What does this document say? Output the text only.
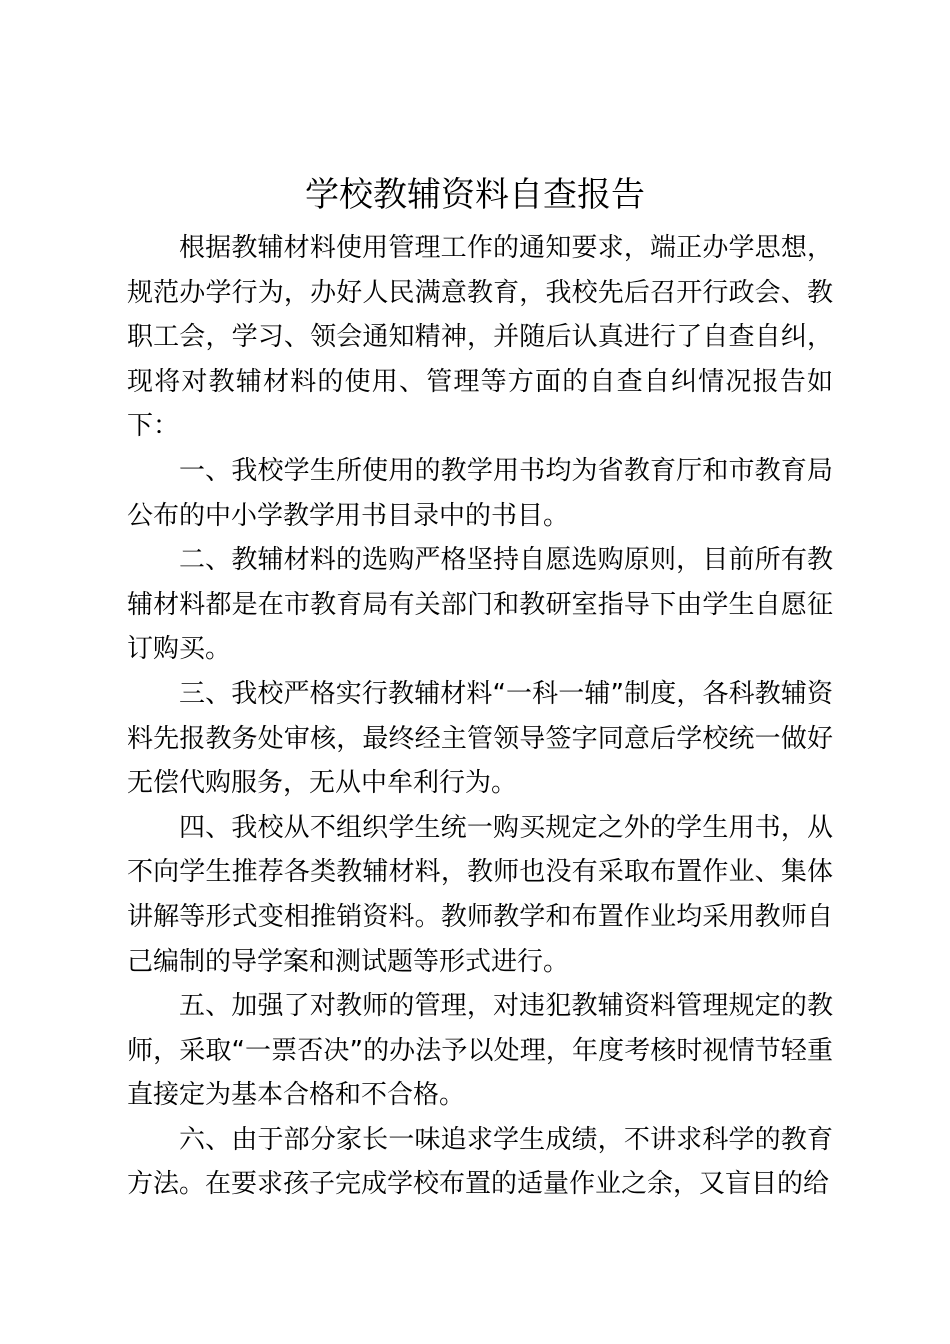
学校教辅资料自查报告

根据教辅材料使用管理工作的通知要求，端正办学思想，规范办学行为，办好人民满意教育，我校先后召开行政会、教职工会，学习、领会通知精神，并随后认真进行了自查自纠，现将对教辅材料的使用、管理等方面的自查自纠情况报告如下：

一、我校学生所使用的教学用书均为省教育厅和市教育局公布的中小学教学用书目录中的书目。

二、教辅材料的选购严格坚持自愿选购原则，目前所有教辅材料都是在市教育局有关部门和教研室指导下由学生自愿征订购买。

三、我校严格实行教辅材料“一科一辅”制度，各科教辅资料先报教务处审核，最终经主管领导签字同意后学校统一做好无偿代购服务，无从中牟利行为。

四、我校从不组织学生统一购买规定之外的学生用书，从不向学生推荐各类教辅材料，教师也没有采取布置作业、集体讲解等形式变相推销资料。教师教学和布置作业均采用教师自己编制的导学案和测试题等形式进行。

五、加强了对教师的管理，对违犯教辅资料管理规定的教师，采取“一票否决”的办法予以处理，年度考核时视情节轻重直接定为基本合格和不合格。

六、由于部分家长一味追求学生成绩，不讲求科学的教育方法。在要求孩子完成学校布置的适量作业之余，又盲目的给
